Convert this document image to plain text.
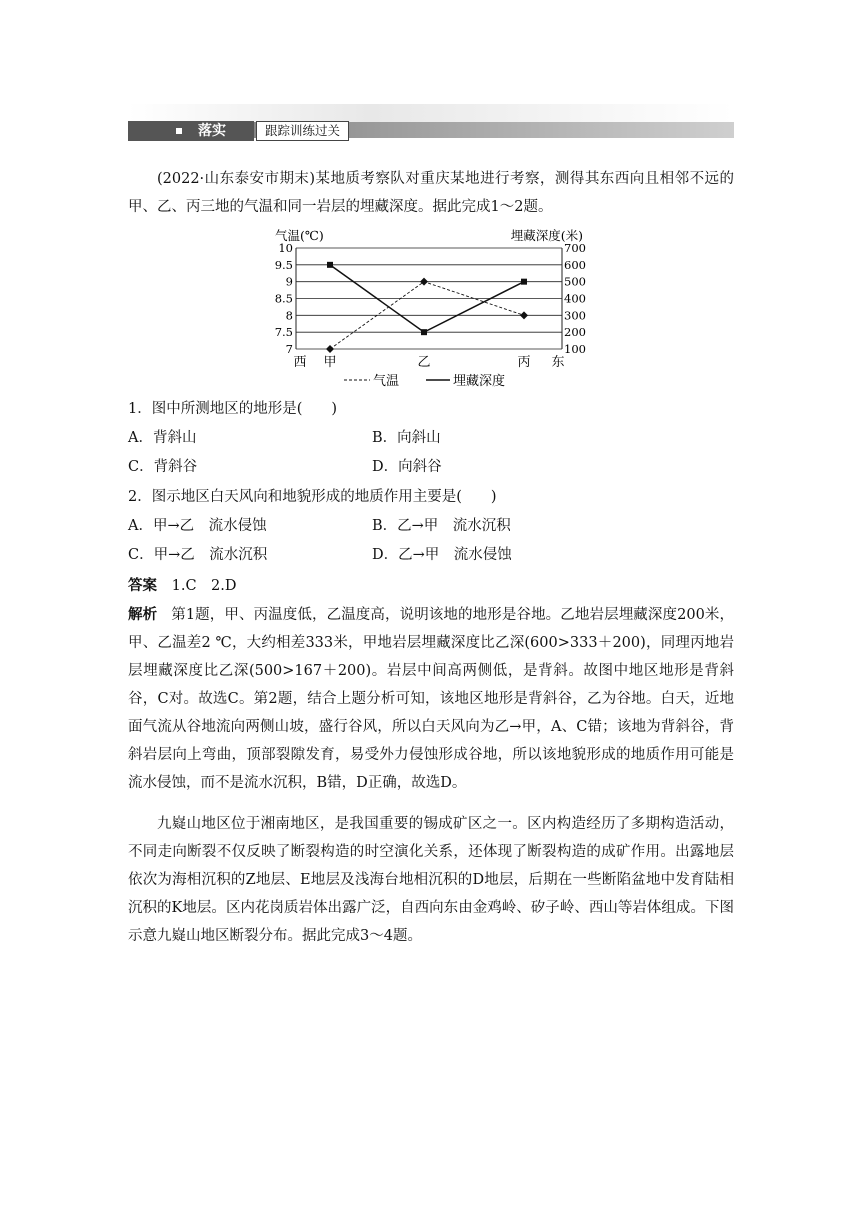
落实	跟踪训练过关
(2022·山东泰安市期末)某地质考察队对重庆某地进行考察，测得其东西向且相邻不远的甲、乙、丙三地的气温和同一岩层的埋藏深度。据此完成1～2题。
10
9.5
9
8.5
8
7.5
7
700
600
500
400
300
200
100
气温(℃)	埋藏深度(米)
西	东
甲	乙	丙
气温	埋藏深度
1．图中所测地区的地形是(　　)
A．背斜山	B．向斜山
C．背斜谷	D．向斜谷
2．图示地区白天风向和地貌形成的地质作用主要是(　　)
A．甲→乙　流水侵蚀	B．乙→甲　流水沉积
C．甲→乙　流水沉积	D．乙→甲　流水侵蚀
答案 1.C　2.D
解析 第1题，甲、丙温度低，乙温度高，说明该地的地形是谷地。乙地岩层埋藏深度200米，甲、乙温差2 ℃，大约相差333米，甲地岩层埋藏深度比乙深(600>333＋200)，同理丙地岩层埋藏深度比乙深(500>167＋200)。岩层中间高两侧低，是背斜。故图中地区地形是背斜谷，C对。故选C。第2题，结合上题分析可知，该地区地形是背斜谷，乙为谷地。白天，近地面气流从谷地流向两侧山坡，盛行谷风，所以白天风向为乙→甲，A、C错；该地为背斜谷，背斜岩层向上弯曲，顶部裂隙发育，易受外力侵蚀形成谷地，所以该地貌形成的地质作用可能是流水侵蚀，而不是流水沉积，B错，D正确，故选D。
九嶷山地区位于湘南地区，是我国重要的锡成矿区之一。区内构造经历了多期构造活动，不同走向断裂不仅反映了断裂构造的时空演化关系，还体现了断裂构造的成矿作用。出露地层依次为海相沉积的Z地层、E地层及浅海台地相沉积的D地层，后期在一些断陷盆地中发育陆相沉积的K地层。区内花岗质岩体出露广泛，自西向东由金鸡岭、矽子岭、西山等岩体组成。下图示意九嶷山地区断裂分布。据此完成3～4题。
